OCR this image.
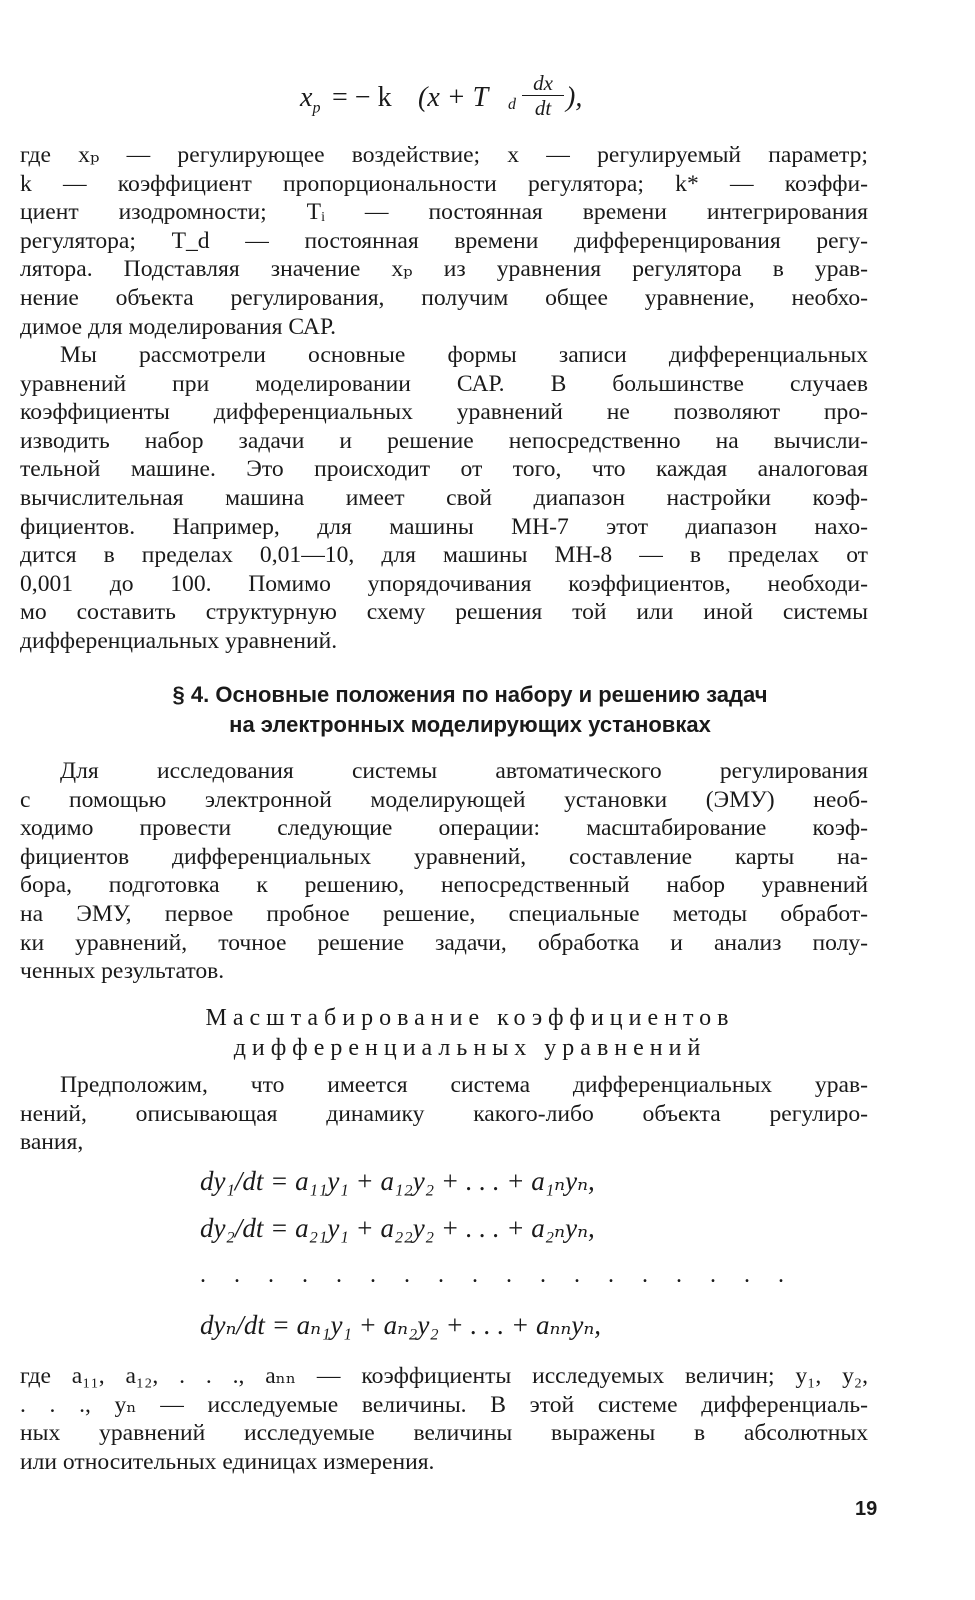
$x_p$ = − k (x + T d
dx
dt ),
где xₚ — регулирующее воздействие; x — регулируемый параметр;
k — коэффициент пропорциональности регулятора; k* — коэффи-
циент изодромности; Tᵢ — постоянная времени интегрирования
регулятора; T_d — постоянная времени дифференцирования регу-
лятора. Подставляя значение xₚ из уравнения регулятора в урав-
нение объекта регулирования, получим общее уравнение, необхо-
димое для моделирования САР.
Мы рассмотрели основные формы записи дифференциальных
уравнений при моделировании САР. В большинстве случаев
коэффициенты дифференциальных уравнений не позволяют про-
изводить набор задачи и решение непосредственно на вычисли-
тельной машине. Это происходит от того, что каждая аналоговая
вычислительная машина имеет свой диапазон настройки коэф-
фициентов. Например, для машины МН-7 этот диапазон нахо-
дится в пределах 0,01—10, для машины МН-8 — в пределах от
0,001 до 100. Помимо упорядочивания коэффициентов, необходи-
мо составить структурную схему решения той или иной системы
дифференциальных уравнений.
§ 4. Основные положения по набору и решению задач
на электронных моделирующих установках
Для исследования системы автоматического регулирования
с помощью электронной моделирующей установки (ЭМУ) необ-
ходимо провести следующие операции: масштабирование коэф-
фициентов дифференциальных уравнений, составление карты на-
бора, подготовка к решению, непосредственный набор уравнений
на ЭМУ, первое пробное решение, специальные методы обработ-
ки уравнений, точное решение задачи, обработка и анализ полу-
ченных результатов.
Масштабирование коэффициентов
дифференциальных уравнений
Предположим, что имеется система дифференциальных урав-
нений, описывающая динамику какого-либо объекта регулиро-
вания,
dy₁/dt = a₁₁y₁ + a₁₂y₂ + . . . + a₁ₙyₙ,
dy₂/dt = a₂₁y₁ + a₂₂y₂ + . . . + a₂ₙyₙ,
. . . . . . . . . . . . . . . . . .
dyₙ/dt = aₙ₁y₁ + aₙ₂y₂ + . . . + aₙₙyₙ,
где a₁₁, a₁₂, . . ., aₙₙ — коэффициенты исследуемых величин; y₁, y₂,
. . ., yₙ — исследуемые величины. В этой системе дифференциаль-
ных уравнений исследуемые величины выражены в абсолютных
или относительных единицах измерения.
19
